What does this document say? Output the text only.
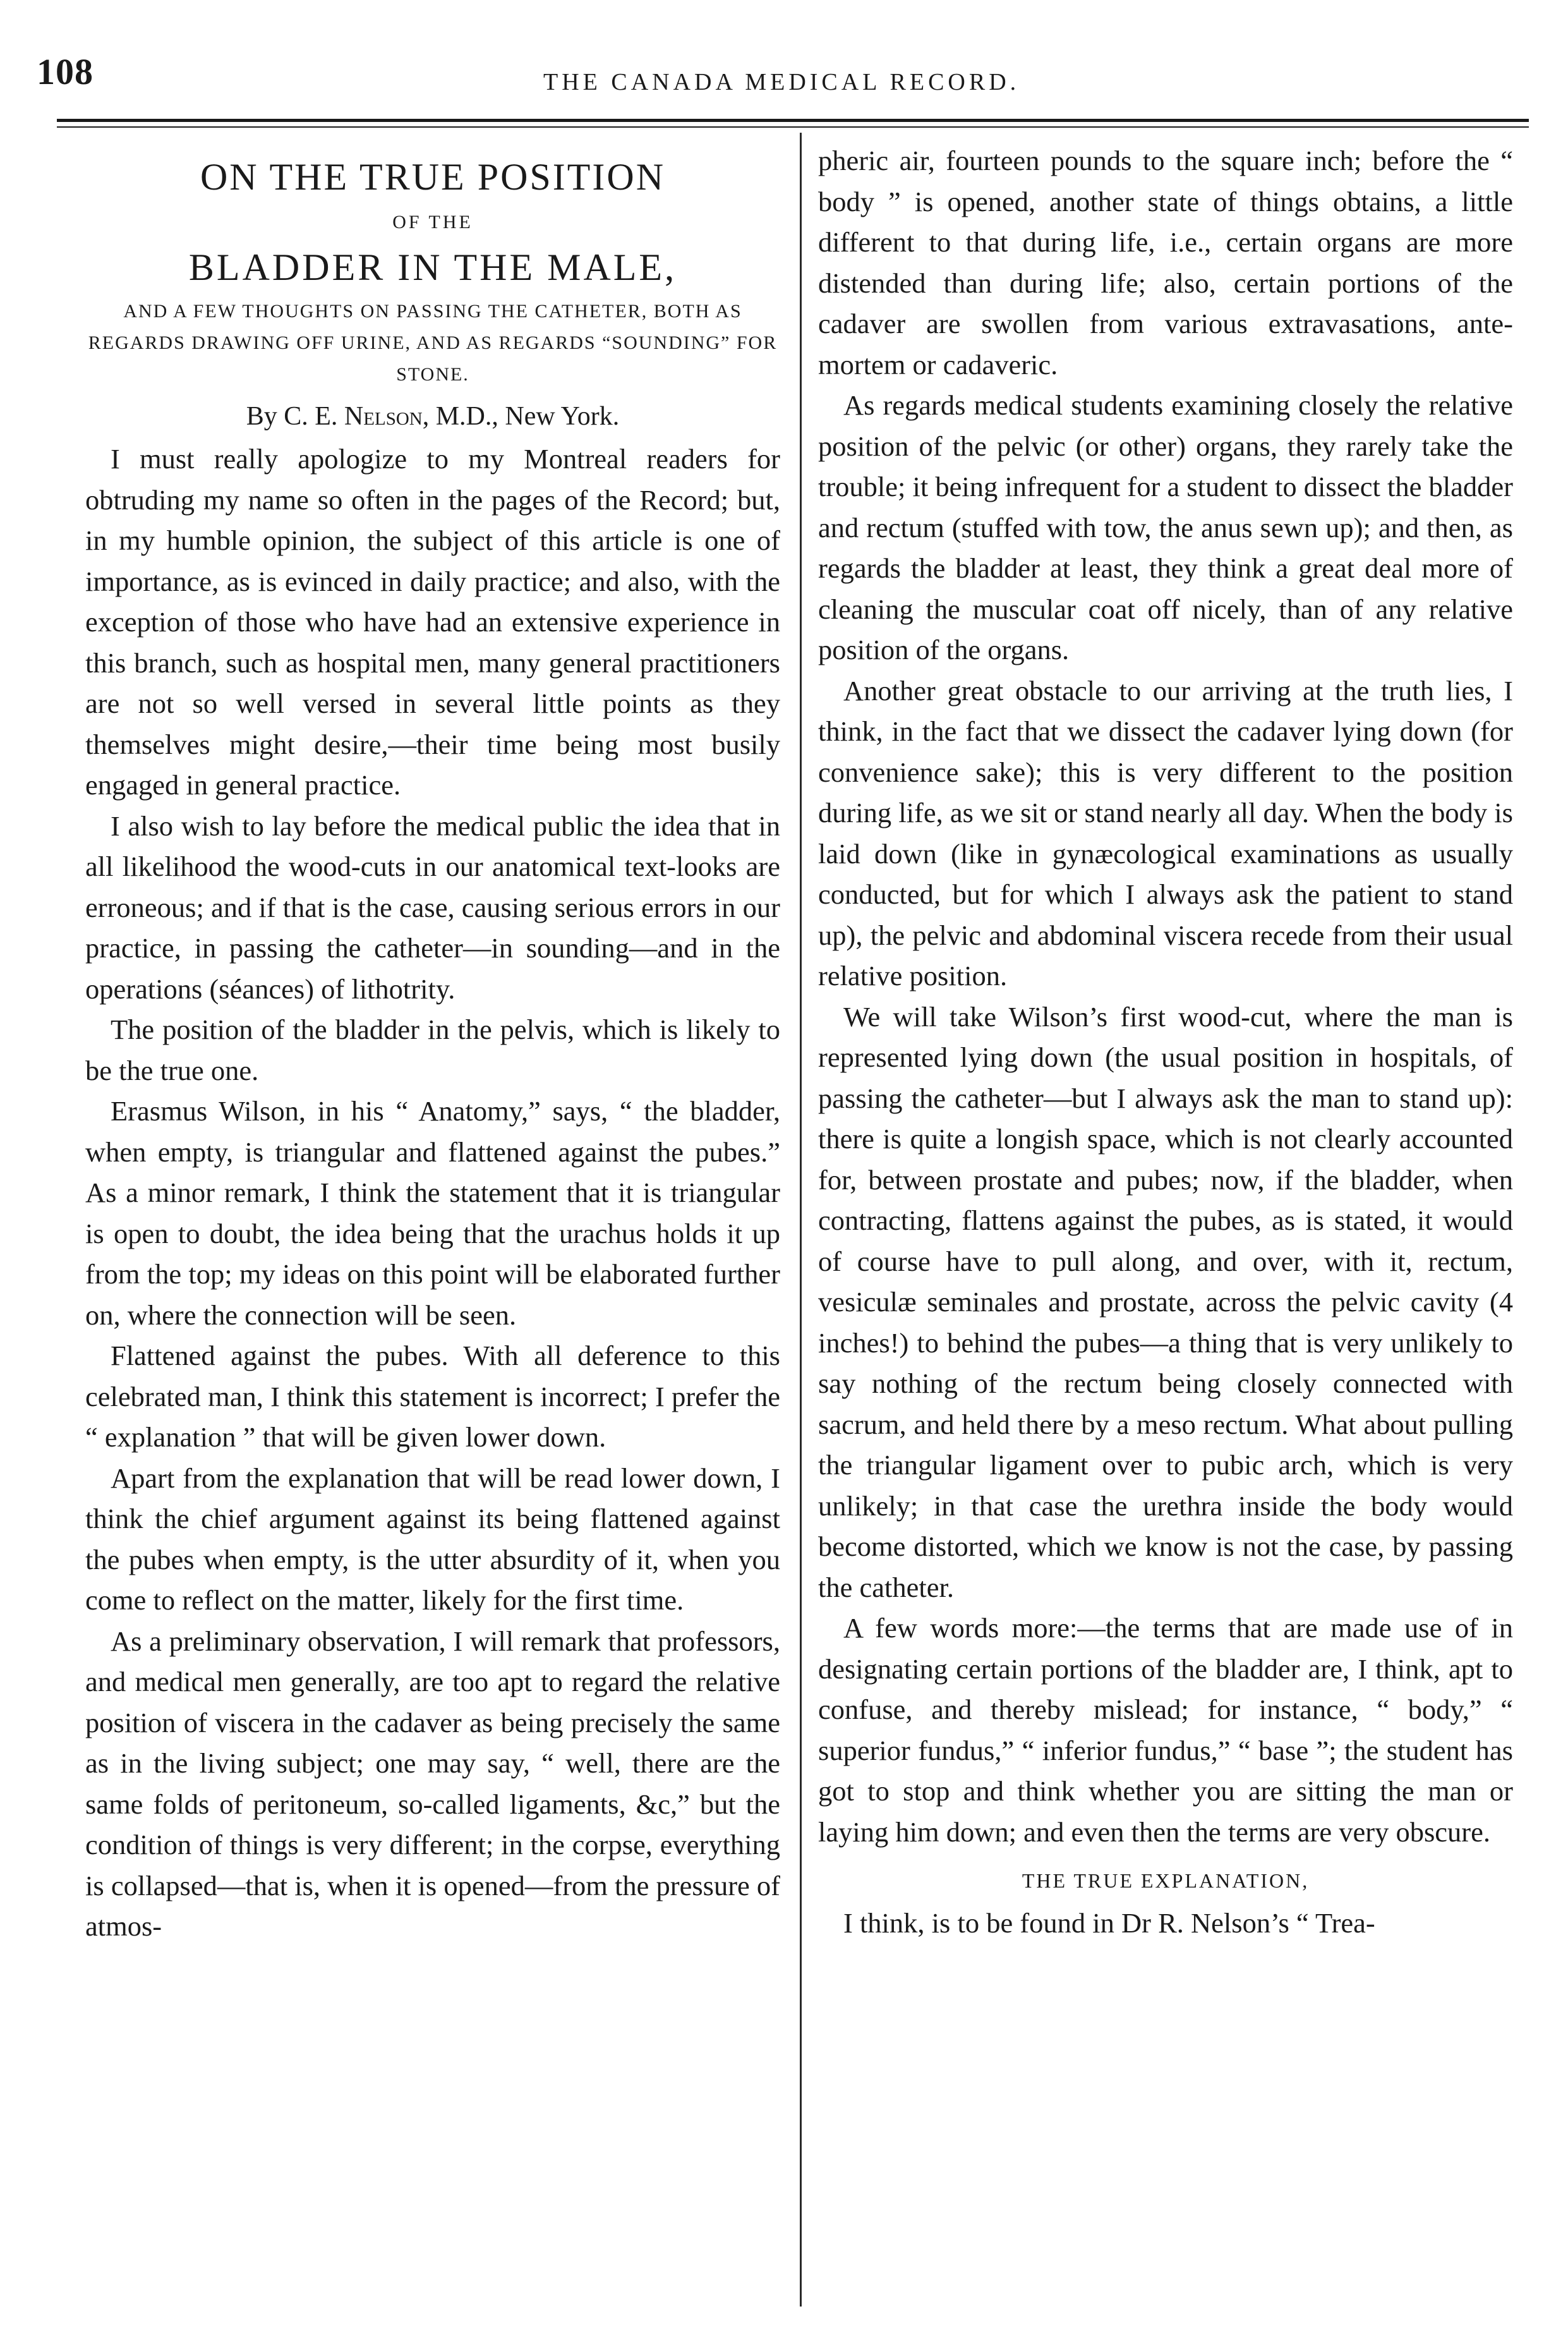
108	THE CANADA MEDICAL RECORD.
ON THE TRUE POSITION
OF THE
BLADDER IN THE MALE,
AND A FEW THOUGHTS ON PASSING THE CATHETER, BOTH AS REGARDS DRAWING OFF URINE, AND AS REGARDS “SOUNDING” FOR STONE.
By C. E. Nelson, M.D., New York.

I must really apologize to my Montreal readers for obtruding my name so often in the pages of the Record; but, in my humble opinion, the subject of this article is one of importance, as is evinced in daily practice; and also, with the exception of those who have had an extensive experience in this branch, such as hospital men, many general practitioners are not so well versed in several little points as they themselves might desire,—their time being most busily engaged in general practice.

I also wish to lay before the medical public the idea that in all likelihood the wood-cuts in our anatomical text-looks are erroneous; and if that is the case, causing serious errors in our practice, in passing the catheter—in sounding—and in the operations (séances) of lithotrity.

The position of the bladder in the pelvis, which is likely to be the true one.

Erasmus Wilson, in his “ Anatomy,” says, “ the bladder, when empty, is triangular and flattened against the pubes.” As a minor remark, I think the statement that it is triangular is open to doubt, the idea being that the urachus holds it up from the top; my ideas on this point will be elaborated further on, where the connection will be seen.

Flattened against the pubes. With all deference to this celebrated man, I think this statement is incorrect; I prefer the “ explanation ” that will be given lower down.

Apart from the explanation that will be read lower down, I think the chief argument against its being flattened against the pubes when empty, is the utter absurdity of it, when you come to reflect on the matter, likely for the first time.

As a preliminary observation, I will remark that professors, and medical men generally, are too apt to regard the relative position of viscera in the cadaver as being precisely the same as in the living subject; one may say, “ well, there are the same folds of peritoneum, so-called ligaments, &c,” but the condition of things is very different; in the corpse, everything is collapsed—that is, when it is opened—from the pressure of atmos-

pheric air, fourteen pounds to the square inch; before the “ body ” is opened, another state of things obtains, a little different to that during life, i.e., certain organs are more distended than during life; also, certain portions of the cadaver are swollen from various extravasations, ante-mortem or cadaveric.

As regards medical students examining closely the relative position of the pelvic (or other) organs, they rarely take the trouble; it being infrequent for a student to dissect the bladder and rectum (stuffed with tow, the anus sewn up); and then, as regards the bladder at least, they think a great deal more of cleaning the muscular coat off nicely, than of any relative position of the organs.

Another great obstacle to our arriving at the truth lies, I think, in the fact that we dissect the cadaver lying down (for convenience sake); this is very different to the position during life, as we sit or stand nearly all day. When the body is laid down (like in gynæcological examinations as usually conducted, but for which I always ask the patient to stand up), the pelvic and abdominal viscera recede from their usual relative position.

We will take Wilson’s first wood-cut, where the man is represented lying down (the usual position in hospitals, of passing the catheter—but I always ask the man to stand up): there is quite a longish space, which is not clearly accounted for, between prostate and pubes; now, if the bladder, when contracting, flattens against the pubes, as is stated, it would of course have to pull along, and over, with it, rectum, vesiculæ seminales and prostate, across the pelvic cavity (4 inches!) to behind the pubes—a thing that is very unlikely to say nothing of the rectum being closely connected with sacrum, and held there by a meso rectum. What about pulling the triangular ligament over to pubic arch, which is very unlikely; in that case the urethra inside the body would become distorted, which we know is not the case, by passing the catheter.

A few words more:—the terms that are made use of in designating certain portions of the bladder are, I think, apt to confuse, and thereby mislead; for instance, “ body,” “ superior fundus,” “ inferior fundus,” “ base ”; the student has got to stop and think whether you are sitting the man or laying him down; and even then the terms are very obscure.

THE TRUE EXPLANATION,

I think, is to be found in Dr R. Nelson’s “ Trea-
